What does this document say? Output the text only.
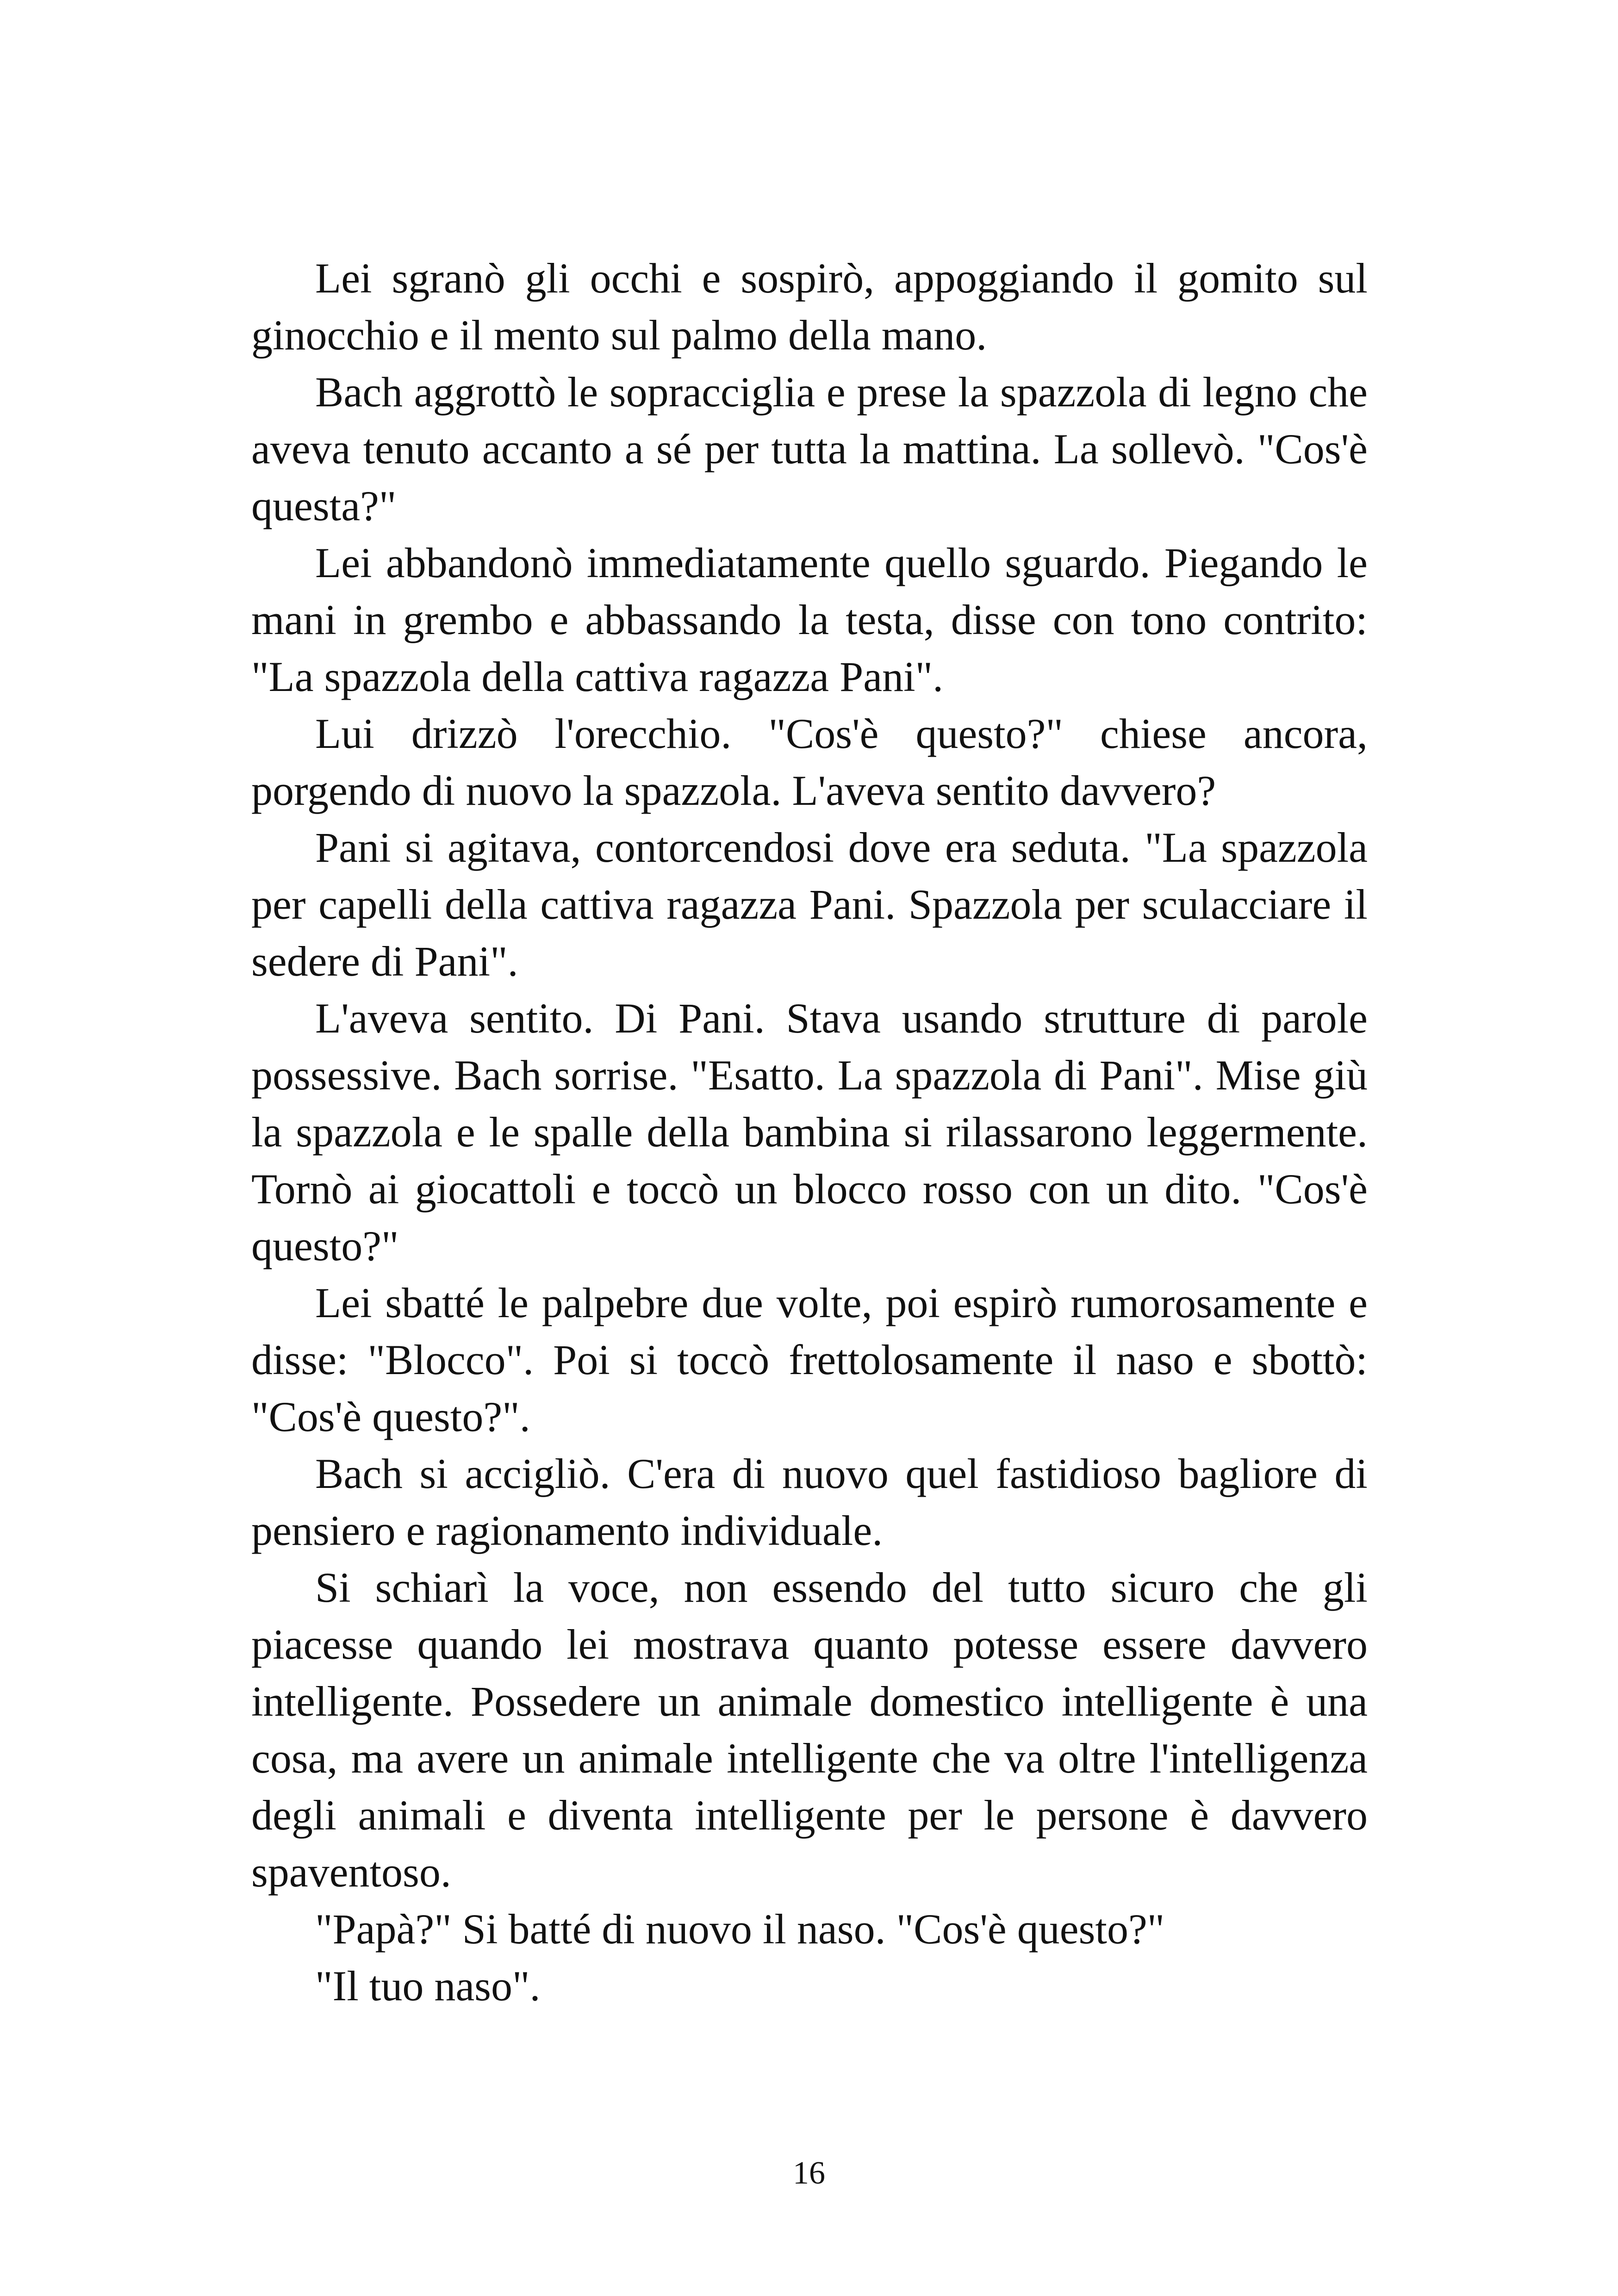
Lei sgranò gli occhi e sospirò, appoggiando il gomito sul ginocchio e il mento sul palmo della mano.

Bach aggrottò le sopracciglia e prese la spazzola di legno che aveva tenuto accanto a sé per tutta la mattina. La sollevò. "Cos'è questa?"

Lei abbandonò immediatamente quello sguardo. Piegando le mani in grembo e abbassando la testa, disse con tono contrito: "La spazzola della cattiva ragazza Pani".

Lui drizzò l'orecchio. "Cos'è questo?" chiese ancora, porgendo di nuovo la spazzola. L'aveva sentito davvero?

Pani si agitava, contorcendosi dove era seduta. "La spazzola per capelli della cattiva ragazza Pani. Spazzola per sculacciare il sedere di Pani".

L'aveva sentito. Di Pani. Stava usando strutture di parole possessive. Bach sorrise. "Esatto. La spazzola di Pani". Mise giù la spazzola e le spalle della bambina si rilassarono leggermente. Tornò ai giocattoli e toccò un blocco rosso con un dito. "Cos'è questo?"

Lei sbatté le palpebre due volte, poi espirò rumorosamente e disse: "Blocco". Poi si toccò frettolosamente il naso e sbottò: "Cos'è questo?".

Bach si accigliò. C'era di nuovo quel fastidioso bagliore di pensiero e ragionamento individuale.

Si schiarì la voce, non essendo del tutto sicuro che gli piacesse quando lei mostrava quanto potesse essere davvero intelligente. Possedere un animale domestico intelligente è una cosa, ma avere un animale intelligente che va oltre l'intelligenza degli animali e diventa intelligente per le persone è davvero spaventoso.

"Papà?" Si batté di nuovo il naso. "Cos'è questo?"

"Il tuo naso".

16
